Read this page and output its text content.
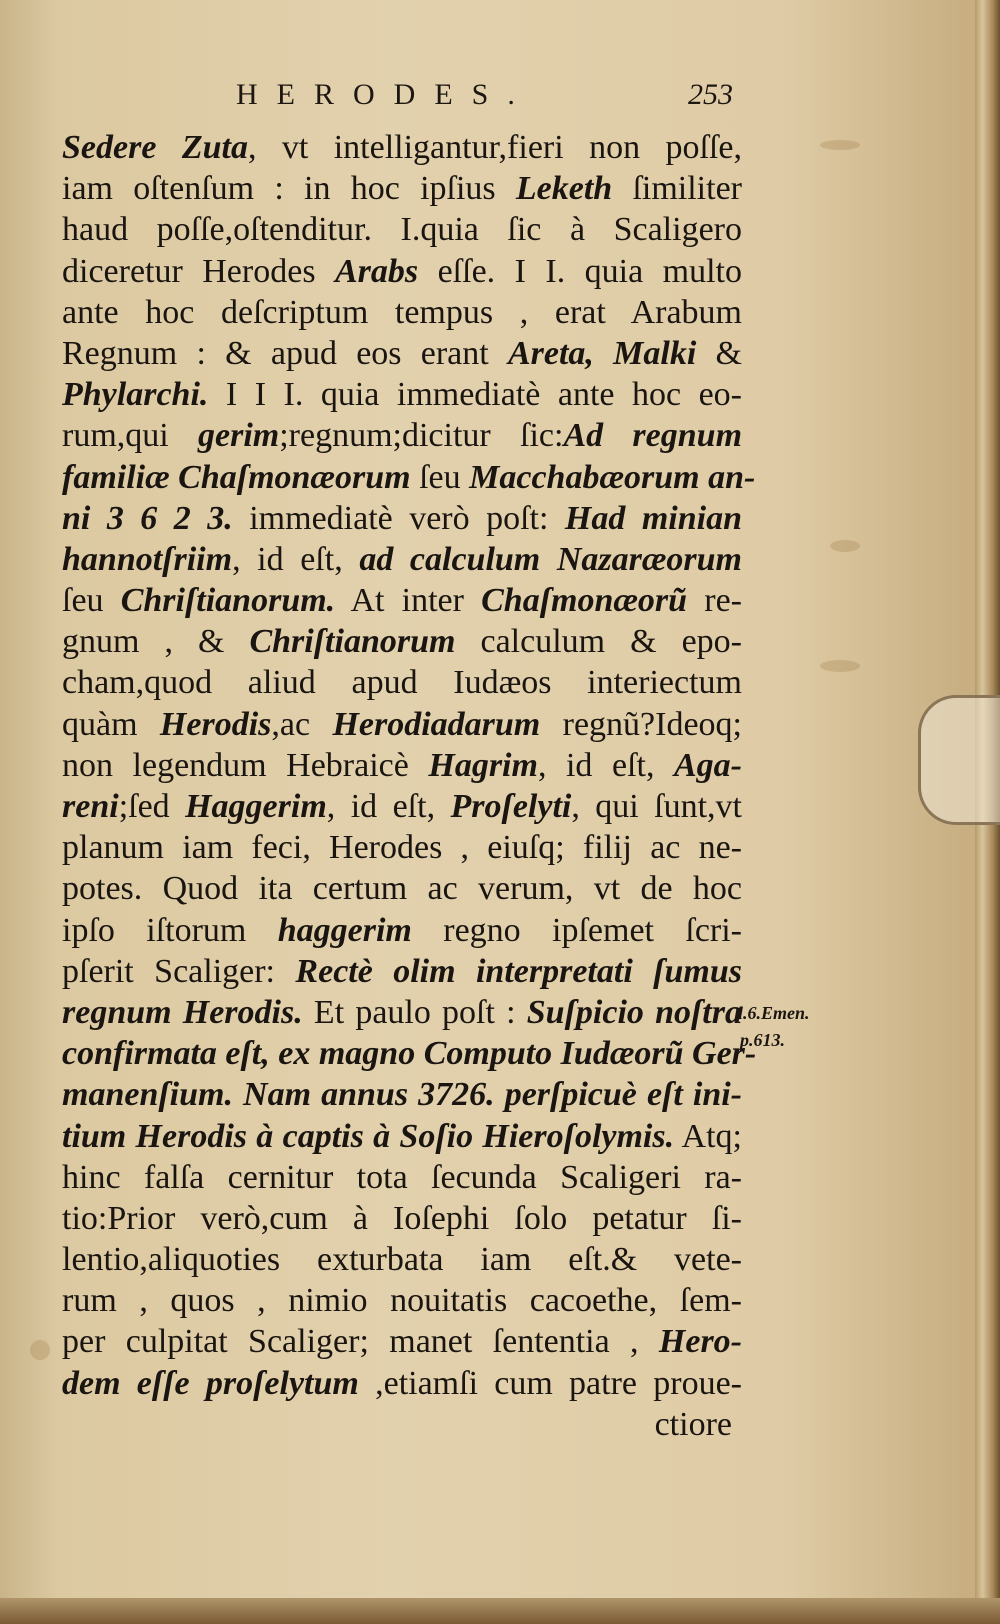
HERODES.	253
Sedere Zuta, vt intelligantur,fieri non poſſe,
iam oſtenſum : in hoc ipſius Leketh ſimiliter
haud poſſe,oſtenditur. I.quia ſic à Scaligero
diceretur Herodes Arabs eſſe. I I. quia multo
ante hoc deſcriptum tempus , erat Arabum
Regnum : & apud eos erant Areta, Malki &
Phylarchi. I I I. quia immediatè ante hoc eo-
rum,qui gerim;regnum;dicitur ſic:Ad regnum
familiæ Chaſmonæorum ſeu Macchabæorum an-
ni 3 6 2 3. immediatè verò poſt: Had minian
hannotſriim, id eſt, ad calculum Nazaræorum
ſeu Chriſtianorum. At inter Chaſmonæorũ re-
gnum , & Chriſtianorum calculum & epo-
cham,quod aliud apud Iudæos interiectum
quàm Herodis,ac Herodiadarum regnũ?Ideoq;
non legendum Hebraicè Hagrim, id eſt, Aga-
reni;ſed Haggerim, id eſt, Proſelyti, qui ſunt,vt
planum iam feci, Herodes , eiuſq; filij ac ne-
potes. Quod ita certum ac verum, vt de hoc
ipſo iſtorum haggerim regno ipſemet ſcri-
pſerit Scaliger: Rectè olim interpretati ſumus
regnum Herodis. Et paulo poſt : Suſpicio noſtra
confirmata eſt, ex magno Computo Iudæorũ Ger-
manenſium. Nam annus 3726. perſpicuè eſt ini-
tium Herodis à captis à Soſio Hieroſolymis. Atq;
hinc falſa cernitur tota ſecunda Scaligeri ra-
tio:Prior verò,cum à Ioſephi ſolo petatur ſi-
lentio,aliquoties exturbata iam eſt.& vete-
rum , quos , nimio nouitatis cacoethe, ſem-
per culpitat Scaliger; manet ſententia , Hero-
dem eſſe proſelytum ,etiamſi cum patre proue-
ctiore
l.6.Emen.
p.613.
